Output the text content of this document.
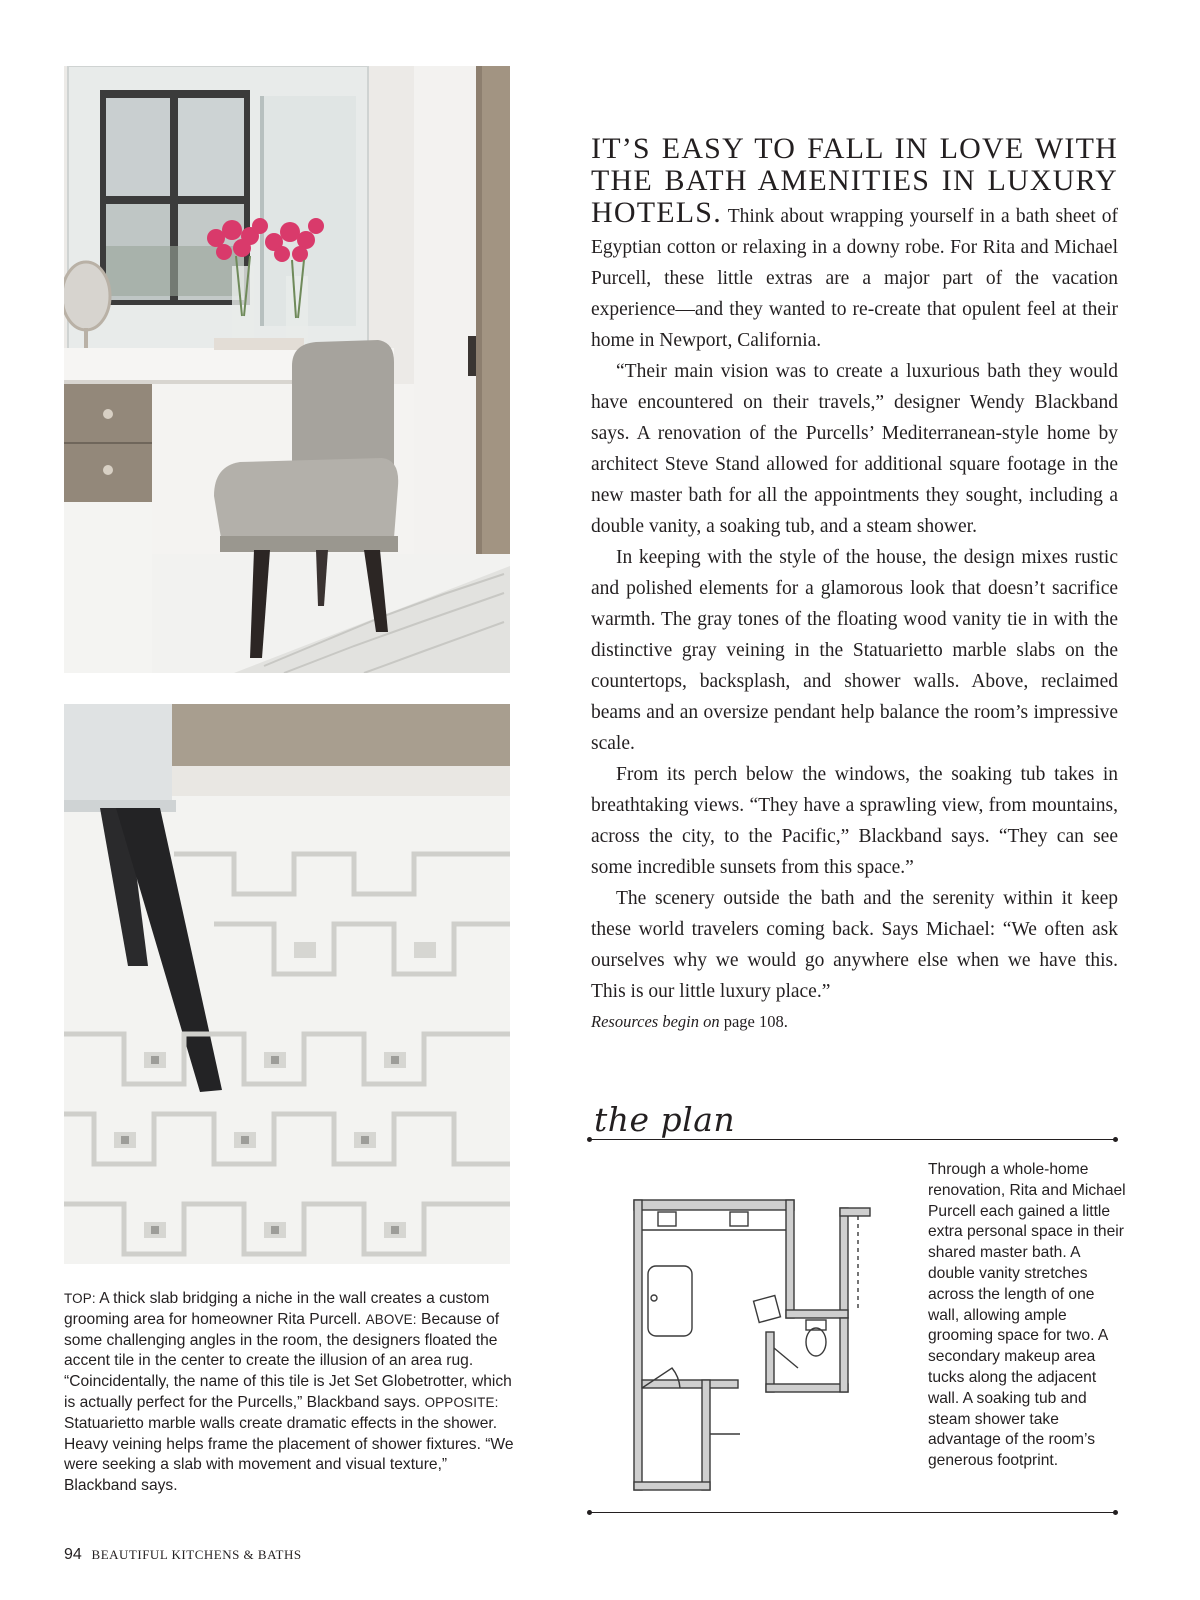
TOP: A thick slab bridging a niche in the wall creates a custom grooming area for homeowner Rita Purcell. ABOVE: Because of some challenging angles in the room, the designers floated the accent tile in the center to create the illusion of an area rug. “Coincidentally, the name of this tile is Jet Set Globetrotter, which is actually perfect for the Purcells,” Blackband says. OPPOSITE: Statuarietto marble walls create dramatic effects in the shower. Heavy veining helps frame the placement of shower fixtures. “We were seeking a slab with movement and visual texture,” Blackband says.
94 BEAUTIFUL KITCHENS & BATHS

IT’S EASY TO FALL IN LOVE WITH
THE BATH AMENITIES IN LUXURY
HOTELS. Think about wrapping yourself in a bath sheet of Egyptian cotton or relaxing in a downy robe. For Rita and Michael Purcell, these little extras are a major part of the vacation experience—and they wanted to re-create that opulent feel at their home in Newport, California.

“Their main vision was to create a luxurious bath they would have encountered on their travels,” designer Wendy Blackband says. A renovation of the Purcells’ Mediterranean-style home by architect Steve Stand allowed for additional square footage in the new master bath for all the appointments they sought, including a double vanity, a soaking tub, and a steam shower.

In keeping with the style of the house, the design mixes rustic and polished elements for a glamorous look that doesn’t sacrifice warmth. The gray tones of the floating wood vanity tie in with the distinctive gray veining in the Statuarietto marble slabs on the countertops, backsplash, and shower walls. Above, reclaimed beams and an oversize pendant help balance the room’s impressive scale.

From its perch below the windows, the soaking tub takes in breathtaking views. “They have a sprawling view, from mountains, across the city, to the Pacific,” Blackband says. “They can see some incredible sunsets from this space.”

The scenery outside the bath and the serenity within it keep these world travelers coming back. Says Michael: “We often ask ourselves why we would go anywhere else when we have this. This is our little luxury place.”

Resources begin on page 108.
the plan
Through a whole-home renovation, Rita and Michael Purcell each gained a little extra personal space in their shared master bath. A double vanity stretches across the length of one wall, allowing ample grooming space for two. A secondary makeup area tucks along the adjacent wall. A soaking tub and steam shower take advantage of the room’s generous footprint.
